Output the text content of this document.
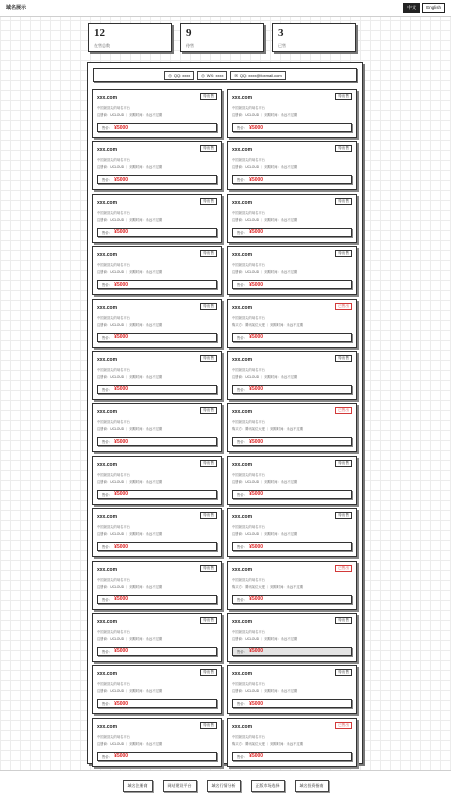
域名展示	中文	English
12
在售总数
9
待售
3
已售
◎ QQ: xxxx	◎ WX: xxxx	✉ QQ: xxxx@foxmail.com
xxx.com	待出售
中国最顶尖的域名平台
注册商：UCLOUD ｜ 到期时间：永远不过期
售价： ¥5000
xxx.com	待出售
中国最顶尖的域名平台
注册商：UCLOUD ｜ 到期时间：永远不过期
售价： ¥5000
xxx.com	待出售
中国最顶尖的域名平台
注册商：UCLOUD ｜ 到期时间：永远不过期
售价： ¥5000
xxx.com	待出售
中国最顶尖的域名平台
注册商：UCLOUD ｜ 到期时间：永远不过期
售价： ¥5000
xxx.com	待出售
中国最顶尖的域名平台
注册商：UCLOUD ｜ 到期时间：永远不过期
售价： ¥5000
xxx.com	待出售
中国最顶尖的域名平台
注册商：UCLOUD ｜ 到期时间：永远不过期
售价： ¥5000
xxx.com	待出售
中国最顶尖的域名平台
注册商：UCLOUD ｜ 到期时间：永远不过期
售价： ¥5000
xxx.com	待出售
中国最顶尖的域名平台
注册商：UCLOUD ｜ 到期时间：永远不过期
售价： ¥5000
xxx.com	待出售
中国最顶尖的域名平台
注册商：UCLOUD ｜ 到期时间：永远不过期
售价： ¥5000
xxx.com	已售出
中国最顶尖的域名平台
购买方：腾讯某位大佬 ｜ 到期时间：永远不过期
售价： ¥5000
xxx.com	待出售
中国最顶尖的域名平台
注册商：UCLOUD ｜ 到期时间：永远不过期
售价： ¥5000
xxx.com	待出售
中国最顶尖的域名平台
注册商：UCLOUD ｜ 到期时间：永远不过期
售价： ¥5000
xxx.com	待出售
中国最顶尖的域名平台
注册商：UCLOUD ｜ 到期时间：永远不过期
售价： ¥5000
xxx.com	已售出
中国最顶尖的域名平台
购买方：腾讯某位大佬 ｜ 到期时间：永远不过期
售价： ¥5000
xxx.com	待出售
中国最顶尖的域名平台
注册商：UCLOUD ｜ 到期时间：永远不过期
售价： ¥5000
xxx.com	待出售
中国最顶尖的域名平台
注册商：UCLOUD ｜ 到期时间：永远不过期
售价： ¥5000
xxx.com	待出售
中国最顶尖的域名平台
注册商：UCLOUD ｜ 到期时间：永远不过期
售价： ¥5000
xxx.com	待出售
中国最顶尖的域名平台
注册商：UCLOUD ｜ 到期时间：永远不过期
售价： ¥5000
xxx.com	待出售
中国最顶尖的域名平台
注册商：UCLOUD ｜ 到期时间：永远不过期
售价： ¥5000
xxx.com	已售出
中国最顶尖的域名平台
购买方：腾讯某位大佬 ｜ 到期时间：永远不过期
售价： ¥5000
xxx.com	待出售
中国最顶尖的域名平台
注册商：UCLOUD ｜ 到期时间：永远不过期
售价： ¥5000
xxx.com	待出售
中国最顶尖的域名平台
注册商：UCLOUD ｜ 到期时间：永远不过期
售价： ¥5000
xxx.com	待出售
中国最顶尖的域名平台
注册商：UCLOUD ｜ 到期时间：永远不过期
售价： ¥5000
xxx.com	待出售
中国最顶尖的域名平台
注册商：UCLOUD ｜ 到期时间：永远不过期
售价： ¥5000
xxx.com	待出售
中国最顶尖的域名平台
注册商：UCLOUD ｜ 到期时间：永远不过期
售价： ¥5000
xxx.com	已售出
中国最顶尖的域名平台
购买方：腾讯某位大佬 ｜ 到期时间：永远不过期
售价： ¥5000
域名注册商	网站建设平台	域名行情分析	正版市场选择	域名投资指南
